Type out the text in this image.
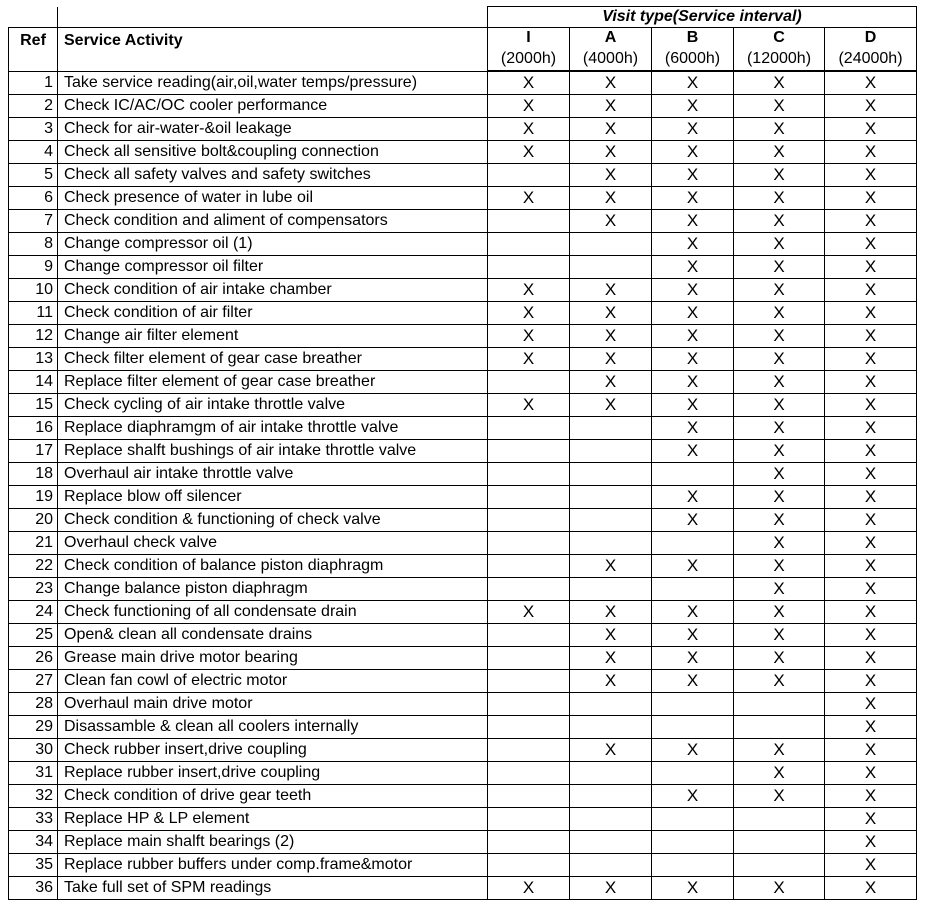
		Visit type(Service interval)				
Ref	Service Activity	I	A	B	C	D
		(2000h)	(4000h)	(6000h)	(12000h)	(24000h)
1	Take service reading(air,oil,water temps/pressure)	X	X	X	X	X
2	Check IC/AC/OC cooler performance	X	X	X	X	X
3	Check for air-water-&oil leakage	X	X	X	X	X
4	Check all sensitive bolt&coupling connection	X	X	X	X	X
5	Check all safety valves and safety switches		X	X	X	X
6	Check presence of water in lube oil	X	X	X	X	X
7	Check condition and aliment of compensators		X	X	X	X
8	Change compressor oil (1)			X	X	X
9	Change compressor oil filter			X	X	X
10	Check condition of air intake chamber	X	X	X	X	X
11	Check condition of air filter	X	X	X	X	X
12	Change air filter element	X	X	X	X	X
13	Check filter element of gear case breather	X	X	X	X	X
14	Replace filter element of gear case breather		X	X	X	X
15	Check cycling of air intake throttle valve	X	X	X	X	X
16	Replace diaphramgm of air intake throttle valve			X	X	X
17	Replace shalft bushings of air intake throttle valve			X	X	X
18	Overhaul air intake throttle valve				X	X
19	Replace blow off silencer			X	X	X
20	Check condition & functioning of check valve			X	X	X
21	Overhaul check valve				X	X
22	Check condition of balance piston diaphragm		X	X	X	X
23	Change balance piston diaphragm				X	X
24	Check functioning of all condensate drain	X	X	X	X	X
25	Open& clean all condensate drains		X	X	X	X
26	Grease main drive motor bearing		X	X	X	X
27	Clean fan cowl of electric motor		X	X	X	X
28	Overhaul main drive motor					X
29	Disassamble & clean all coolers internally					X
30	Check rubber insert,drive coupling		X	X	X	X
31	Replace rubber insert,drive coupling				X	X
32	Check condition of drive gear teeth			X	X	X
33	Replace HP & LP element					X
34	Replace main shalft bearings (2)					X
35	Replace rubber buffers under comp.frame&motor					X
36	Take full set of SPM readings	X	X	X	X	X
